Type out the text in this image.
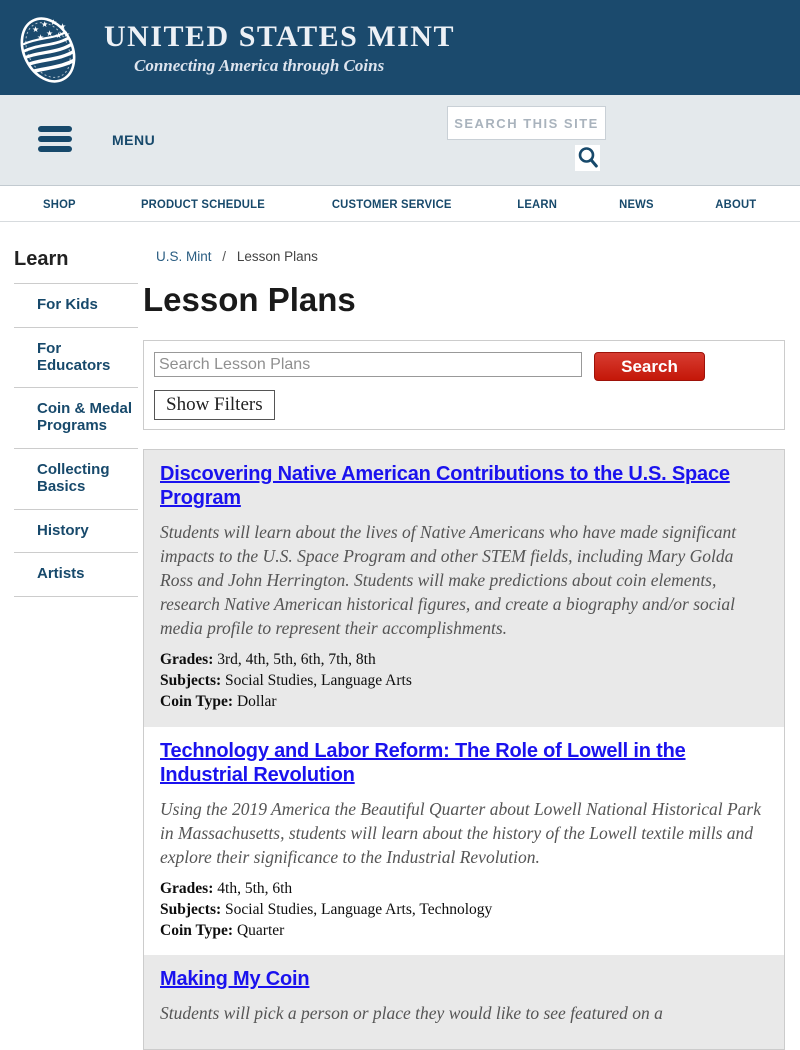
★
★ ★ ★
★ ★ ★ ★ UNITED STATES MINT
Connecting America through Coins
MENU
SEARCH THIS SITE
SHOP	PRODUCT SCHEDULE	CUSTOMER SERVICE	LEARN	NEWS	ABOUT
Learn
For Kids
For Educators
Coin & Medal Programs
Collecting Basics
History
Artists
U.S. Mint / Lesson Plans
Lesson Plans
Search Lesson Plans
Search
Show Filters
Discovering Native American Contributions to the U.S. Space Program

Students will learn about the lives of Native Americans who have made significant impacts to the U.S. Space Program and other STEM fields, including Mary Golda Ross and John Herrington. Students will make predictions about coin elements, research Native American historical figures, and create a biography and/or social media profile to represent their accomplishments.

Grades: 3rd, 4th, 5th, 6th, 7th, 8th
Subjects: Social Studies, Language Arts
Coin Type: Dollar
Technology and Labor Reform: The Role of Lowell in the Industrial Revolution

Using the 2019 America the Beautiful Quarter about Lowell National Historical Park in Massachusetts, students will learn about the history of the Lowell textile mills and explore their significance to the Industrial Revolution.

Grades: 4th, 5th, 6th
Subjects: Social Studies, Language Arts, Technology
Coin Type: Quarter
Making My Coin

Students will pick a person or place they would like to see featured on a
